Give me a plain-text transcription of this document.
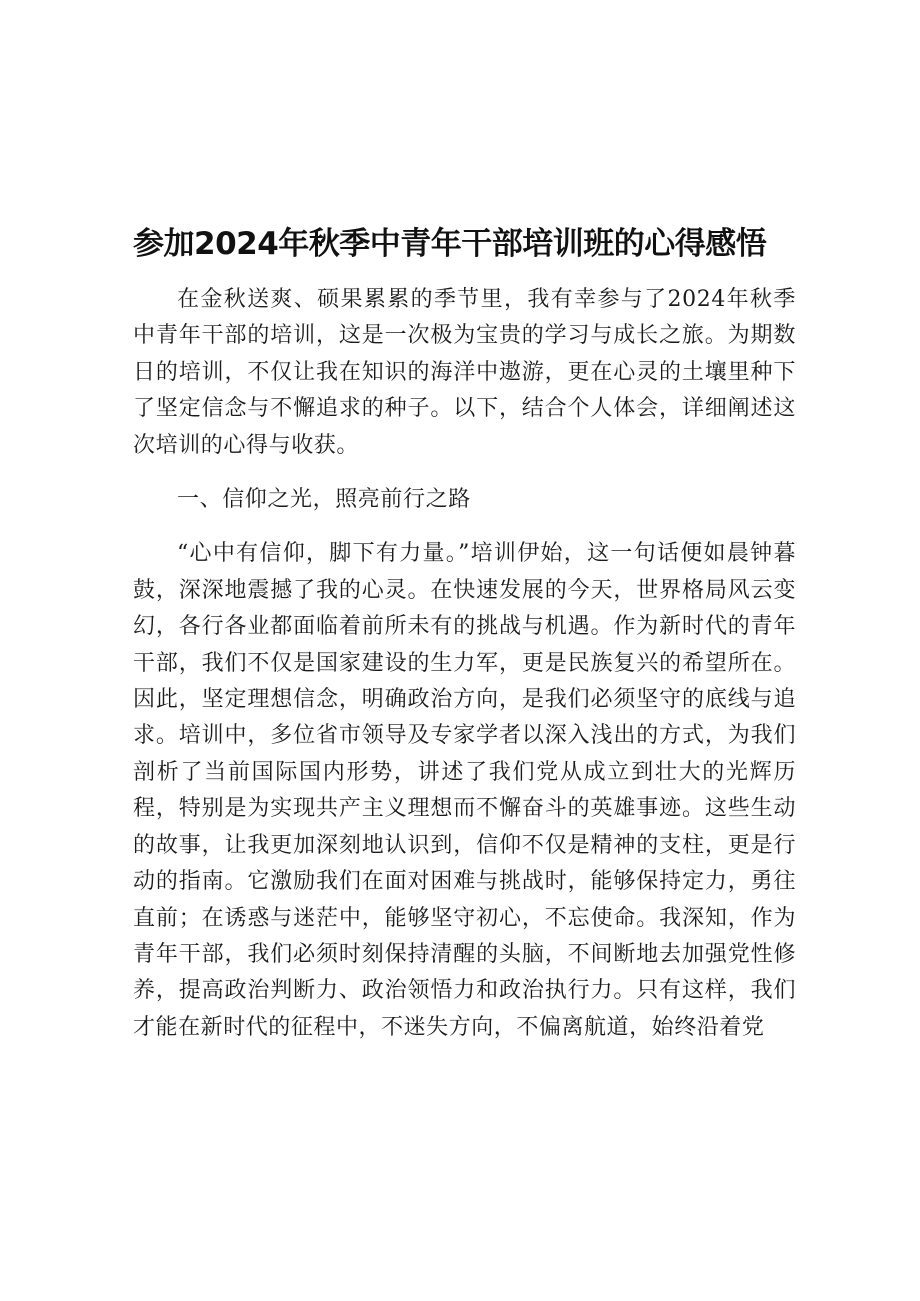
参加2024年秋季中青年干部培训班的心得感悟

在金秋送爽、硕果累累的季节里，我有幸参与了2024年秋季中青年干部的培训，这是一次极为宝贵的学习与成长之旅。为期数日的培训，不仅让我在知识的海洋中遨游，更在心灵的土壤里种下了坚定信念与不懈追求的种子。以下，结合个人体会，详细阐述这次培训的心得与收获。

一、信仰之光，照亮前行之路

“心中有信仰，脚下有力量。”培训伊始，这一句话便如晨钟暮鼓，深深地震撼了我的心灵。在快速发展的今天，世界格局风云变幻，各行各业都面临着前所未有的挑战与机遇。作为新时代的青年干部，我们不仅是国家建设的生力军，更是民族复兴的希望所在。因此，坚定理想信念，明确政治方向，是我们必须坚守的底线与追求。培训中，多位省市领导及专家学者以深入浅出的方式，为我们剖析了当前国际国内形势，讲述了我们党从成立到壮大的光辉历程，特别是为实现共产主义理想而不懈奋斗的英雄事迹。这些生动的故事，让我更加深刻地认识到，信仰不仅是精神的支柱，更是行动的指南。它激励我们在面对困难与挑战时，能够保持定力，勇往直前；在诱惑与迷茫中，能够坚守初心，不忘使命。我深知，作为青年干部，我们必须时刻保持清醒的头脑，不间断地去加强党性修养，提高政治判断力、政治领悟力和政治执行力。只有这样，我们才能在新时代的征程中，不迷失方向，不偏离航道，始终沿着党
